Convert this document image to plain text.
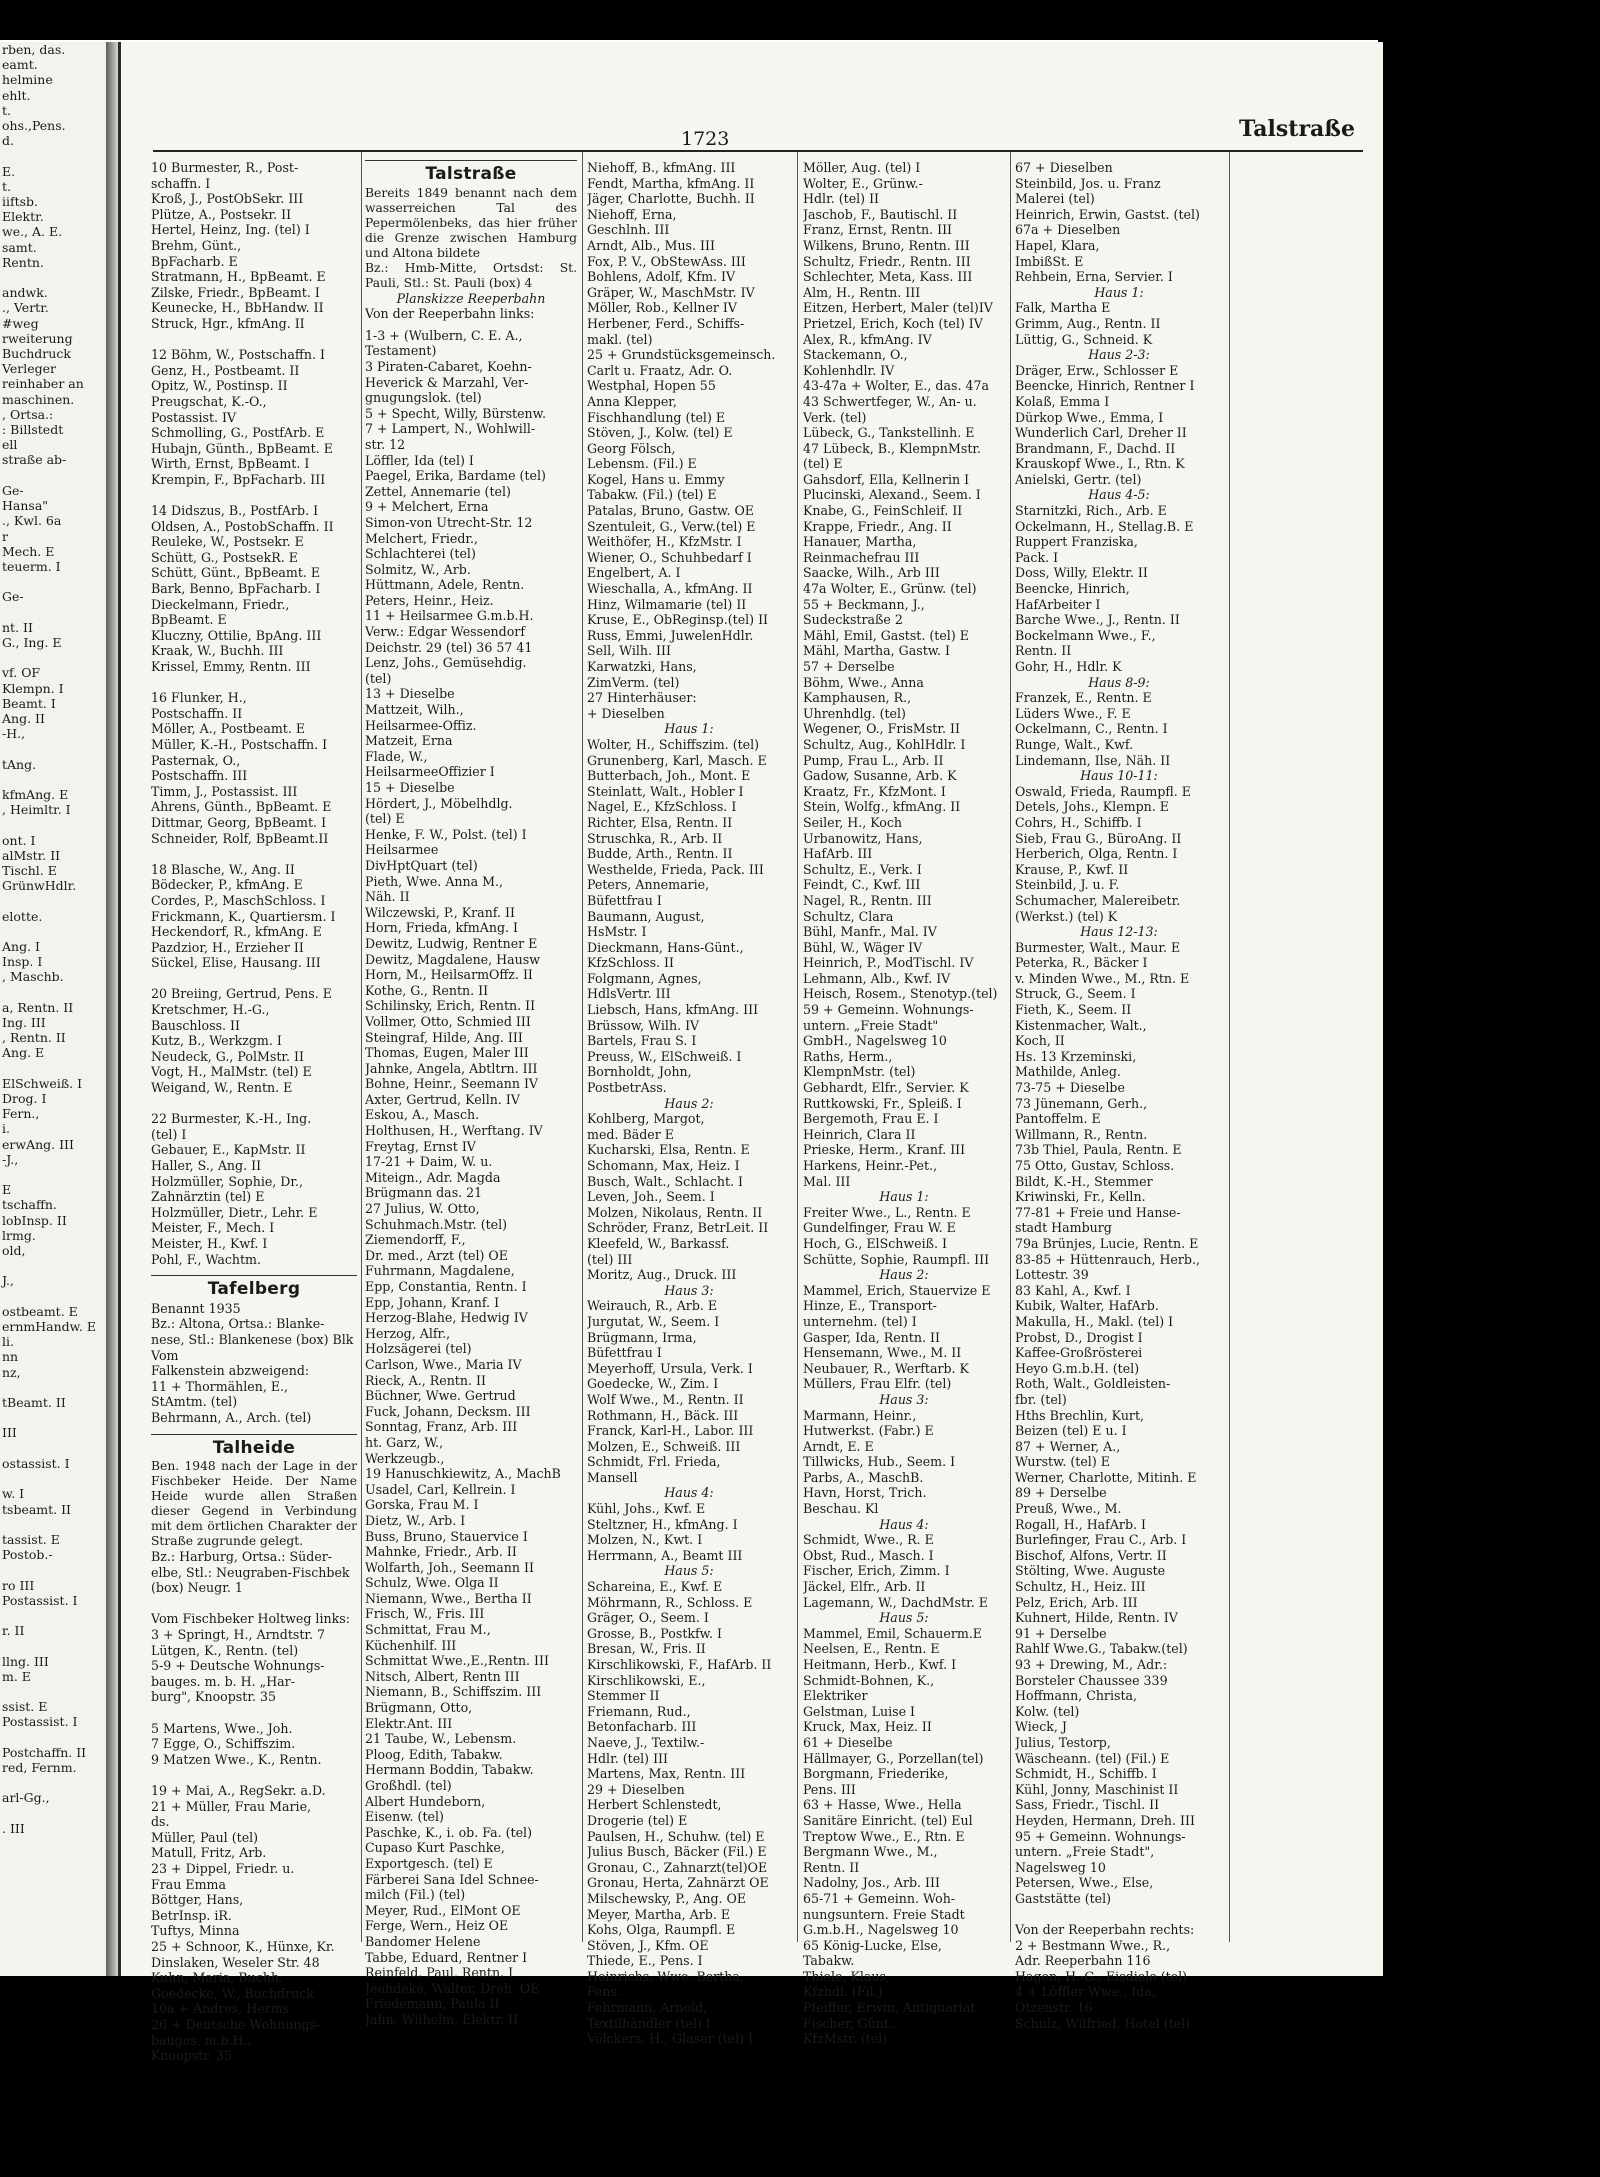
rben, das.
eamt.
helmine
ehlt.
t.
ohs.,Pens.
d.

E.
t.
iiftsb.
Elektr.
we., A. E.
samt.
Rentn.

andwk.
., Vertr.
#weg
rweiterung
Buchdruck
Verleger
reinhaber an
maschinen.
, Ortsa.:
: Billstedt
ell
straße ab-

Ge-
Hansa"
., Kwl. 6a
r
Mech. E
teuerm. I

Ge-

nt. II
G., Ing. E

vf. OF
Klempn. I
Beamt. I
Ang. II
-H.,

tAng.

kfmAng. E
, Heimltr. I

ont. I
alMstr. II
Tischl. E
GrünwHdlr.

elotte.

Ang. I
Insp. I
, Maschb.

a, Rentn. II
Ing. III
, Rentn. II
Ang. E

ElSchweiß. I
Drog. I
Fern.,
i.
erwAng. III
-J.,

E
tschaffn.
lobInsp. II
lrmg.
old,

J.,

ostbeamt. E
ernmHandw. E
li.
nn
nz,

tBeamt. II

III

ostassist. I

w. I
tsbeamt. II

tassist. E
Postob.-

ro III
Postassist. I

r. II

llng. III
m. E

ssist. E
Postassist. I

Postchaffn. II
red, Fernm.

arl-Gg.,

. III
1723	Talstraße
10 Burmester, R., Post-
schaffn. I
Kroß, J., PostObSekr. III
Plütze, A., Postsekr. II
Hertel, Heinz, Ing. (tel) I
Brehm, Günt.,
BpFacharb. E
Stratmann, H., BpBeamt. E
Zilske, Friedr., BpBeamt. I
Keunecke, H., BbHandw. II
Struck, Hgr., kfmAng. II

12 Böhm, W., Postschaffn. I
Genz, H., Postbeamt. II
Opitz, W., Postinsp. II
Preugschat, K.-O.,
Postassist. IV
Schmolling, G., PostfArb. E
Hubajn, Günth., BpBeamt. E
Wirth, Ernst, BpBeamt. I
Krempin, F., BpFacharb. III

14 Didszus, B., PostfArb. I
Oldsen, A., PostobSchaffn. II
Reuleke, W., Postsekr. E
Schütt, G., PostsekR. E
Schütt, Günt., BpBeamt. E
Bark, Benno, BpFacharb. I
Dieckelmann, Friedr.,
BpBeamt. E
Kluczny, Ottilie, BpAng. III
Kraak, W., Buchh. III
Krissel, Emmy, Rentn. III

16 Flunker, H.,
Postschaffn. II
Möller, A., Postbeamt. E
Müller, K.-H., Postschaffn. I
Pasternak, O.,
Postschaffn. III
Timm, J., Postassist. III
Ahrens, Günth., BpBeamt. E
Dittmar, Georg, BpBeamt. I
Schneider, Rolf, BpBeamt.II

18 Blasche, W., Ang. II
Bödecker, P., kfmAng. E
Cordes, P., MaschSchloss. I
Frickmann, K., Quartiersm. I
Heckendorf, R., kfmAng. E
Pazdzior, H., Erzieher II
Sückel, Elise, Hausang. III

20 Breiing, Gertrud, Pens. E
Kretschmer, H.-G.,
Bauschloss. II
Kutz, B., Werkzgm. I
Neudeck, G., PolMstr. II
Vogt, H., MalMstr. (tel) E
Weigand, W., Rentn. E

22 Burmester, K.-H., Ing.
(tel) I
Gebauer, E., KapMstr. II
Haller, S., Ang. II
Holzmüller, Sophie, Dr.,
Zahnärztin (tel) E
Holzmüller, Dietr., Lehr. E
Meister, F., Mech. I
Meister, H., Kwf. I
Pohl, F., Wachtm.
Tafelberg
Benannt 1935
Bz.: Altona, Ortsa.: Blanke-
nese, Stl.: Blankenese (box) Blk
Vom
Falkenstein abzweigend:
11 + Thormählen, E.,
StAmtm. (tel)
Behrmann, A., Arch. (tel)
Talheide
Ben. 1948 nach der Lage in der Fischbeker Heide. Der Name Heide wurde allen Straßen dieser Gegend in Verbindung mit dem örtlichen Charakter der Straße zugrunde gelegt.
Bz.: Harburg, Ortsa.: Süder-
elbe, Stl.: Neugraben-Fischbek
(box) Neugr. 1

Vom Fischbeker Holtweg links:
3 + Springt, H., Arndtstr. 7
Lütgen, K., Rentn. (tel)
5-9 + Deutsche Wohnungs-
bauges. m. b. H. „Har-
burg", Knoopstr. 35

5 Martens, Wwe., Joh.
7 Egge, O., Schiffszim.
9 Matzen Wwe., K., Rentn.

19 + Mai, A., RegSekr. a.D.
21 + Müller, Frau Marie,
ds.
Müller, Paul (tel)
Matull, Fritz, Arb.
23 + Dippel, Friedr. u.
Frau Emma
Böttger, Hans,
BetrInsp. iR.
Tuftys, Minna
25 + Schnoor, K., Hünxe, Kr.
Dinslaken, Weseler Str. 48
Kuhn, Maria, Buchh.
Goedecke, W., Buchdruck
10a + Andres, Herms
26 + Deutsche Wohnungs-
bauges. m.b.H.,
Knoopstr. 35
Talstraße
Bereits 1849 benannt nach dem wasserreichen Tal des Pepermölenbeks, das hier früher die Grenze zwischen Hamburg und Altona bildete
Bz.: Hmb-Mitte, Ortsdst: St. Pauli, Stl.: St. Pauli (box) 4
Planskizze Reeperbahn
Von der Reeperbahn links:
1-3 + (Wulbern, C. E. A.,
Testament)
3 Piraten-Cabaret, Koehn-
Heverick & Marzahl, Ver-
gnugungslok. (tel)
5 + Specht, Willy, Bürstenw.
7 + Lampert, N., Wohlwill-
str. 12
Löffler, Ida (tel) I
Paegel, Erika, Bardame (tel)
Zettel, Annemarie (tel)
9 + Melchert, Erna
Simon-von Utrecht-Str. 12
Melchert, Friedr.,
Schlachterei (tel)
Solmitz, W., Arb.
Hüttmann, Adele, Rentn.
Peters, Heinr., Heiz.
11 + Heilsarmee G.m.b.H.
Verw.: Edgar Wessendorf
Deichstr. 29 (tel) 36 57 41
Lenz, Johs., Gemüsehdig.
(tel)
13 + Dieselbe
Mattzeit, Wilh.,
Heilsarmee-Offiz.
Matzeit, Erna
Flade, W.,
HeilsarmeeOffizier I
15 + Dieselbe
Hördert, J., Möbelhdlg.
(tel) E
Henke, F. W., Polst. (tel) I
Heilsarmee
DivHptQuart (tel)
Pieth, Wwe. Anna M.,
Näh. II
Wilczewski, P., Kranf. II
Horn, Frieda, kfmAng. I
Dewitz, Ludwig, Rentner E
Dewitz, Magdalene, Hausw
Horn, M., HeilsarmOffz. II
Kothe, G., Rentn. II
Schilinsky, Erich, Rentn. II
Vollmer, Otto, Schmied III
Steingraf, Hilde, Ang. III
Thomas, Eugen, Maler III
Jahnke, Angela, Abtltrn. III
Bohne, Heinr., Seemann IV
Axter, Gertrud, Kelln. IV
Eskou, A., Masch.
Holthusen, H., Werftang. IV
Freytag, Ernst IV
17-21 + Daim, W. u.
Miteign., Adr. Magda
Brügmann das. 21
27 Julius, W. Otto,
Schuhmach.Mstr. (tel)
Ziemendorff, F.,
Dr. med., Arzt (tel) OE
Fuhrmann, Magdalene,
Epp, Constantia, Rentn. I
Epp, Johann, Kranf. I
Herzog-Blahe, Hedwig IV
Herzog, Alfr.,
Holzsägerei (tel)
Carlson, Wwe., Maria IV
Rieck, A., Rentn. II
Büchner, Wwe. Gertrud
Fuck, Johann, Decksm. III
Sonntag, Franz, Arb. III
ht. Garz, W.,
Werkzeugb.,
19 Hanuschkiewitz, A., MachB
Usadel, Carl, Kellrein. I
Gorska, Frau M. I
Dietz, W., Arb. I
Buss, Bruno, Stauervice I
Mahnke, Friedr., Arb. II
Wolfarth, Joh., Seemann II
Schulz, Wwe. Olga II
Niemann, Wwe., Bertha II
Frisch, W., Fris. III
Schmittat, Frau M.,
Küchenhilf. III
Schmittat Wwe.,E.,Rentn. III
Nitsch, Albert, Rentn III
Niemann, B., Schiffszim. III
Brügmann, Otto,
Elektr.Ant. III
21 Taube, W., Lebensm.
Ploog, Edith, Tabakw.
Hermann Boddin, Tabakw.
Großhdl. (tel)
Albert Hundeborn,
Eisenw. (tel)
Paschke, K., i. ob. Fa. (tel)
Cupaso Kurt Paschke,
Exportgesch. (tel) E
Färberei Sana Idel Schnee-
milch (Fil.) (tel)
Meyer, Rud., ElMont OE
Ferge, Wern., Heiz OE
Bandomer Helene
Tabbe, Eduard, Rentner I
Reinfeld, Paul, Rentn. I
Jeehdeke, Walter, Dreh. OE
Friedemann, Paula II
Jahn, Wilhelm, Elektr. II
Niehoff, B., kfmAng. III
Fendt, Martha, kfmAng. II
Jäger, Charlotte, Buchh. II
Niehoff, Erna,
Geschlnh. III
Arndt, Alb., Mus. III
Fox, P. V., ObStewAss. III
Bohlens, Adolf, Kfm. IV
Gräper, W., MaschMstr. IV
Möller, Rob., Kellner IV
Herbener, Ferd., Schiffs-
makl. (tel)
25 + Grundstücksgemeinsch.
Carlt u. Fraatz, Adr. O.
Westphal, Hopen 55
Anna Klepper,
Fischhandlung (tel) E
Stöven, J., Kolw. (tel) E
Georg Fölsch,
Lebensm. (Fil.) E
Kogel, Hans u. Emmy
Tabakw. (Fil.) (tel) E
Patalas, Bruno, Gastw. OE
Szentuleit, G., Verw.(tel) E
Weithöfer, H., KfzMstr. I
Wiener, O., Schuhbedarf I
Engelbert, A. I
Wieschalla, A., kfmAng. II
Hinz, Wilmamarie (tel) II
Kruse, E., ObReginsp.(tel) II
Russ, Emmi, JuwelenHdlr.
Sell, Wilh. III
Karwatzki, Hans,
ZimVerm. (tel)
27 Hinterhäuser:
+ Dieselben
Haus 1:
Wolter, H., Schiffszim. (tel)
Grunenberg, Karl, Masch. E
Butterbach, Joh., Mont. E
Steinlatt, Walt., Hobler I
Nagel, E., KfzSchloss. I
Richter, Elsa, Rentn. II
Struschka, R., Arb. II
Budde, Arth., Rentn. II
Westhelde, Frieda, Pack. III
Peters, Annemarie,
Büfettfrau I
Baumann, August,
HsMstr. I
Dieckmann, Hans-Günt.,
KfzSchloss. II
Folgmann, Agnes,
HdlsVertr. III
Liebsch, Hans, kfmAng. III
Brüssow, Wilh. IV
Bartels, Frau S. I
Preuss, W., ElSchweiß. I
Bornholdt, John,
PostbetrAss.
Haus 2:
Kohlberg, Margot,
med. Bäder E
Kucharski, Elsa, Rentn. E
Schomann, Max, Heiz. I
Busch, Walt., Schlacht. I
Leven, Joh., Seem. I
Molzen, Nikolaus, Rentn. II
Schröder, Franz, BetrLeit. II
Kleefeld, W., Barkassf.
(tel) III
Moritz, Aug., Druck. III
Haus 3:
Weirauch, R., Arb. E
Jurgutat, W., Seem. I
Brügmann, Irma,
Büfettfrau I
Meyerhoff, Ursula, Verk. I
Goedecke, W., Zim. I
Wolf Wwe., M., Rentn. II
Rothmann, H., Bäck. III
Franck, Karl-H., Labor. III
Molzen, E., Schweiß. III
Schmidt, Frl. Frieda,
Mansell
Haus 4:
Kühl, Johs., Kwf. E
Steltzner, H., kfmAng. I
Molzen, N., Kwt. I
Herrmann, A., Beamt III
Haus 5:
Schareina, E., Kwf. E
Möhrmann, R., Schloss. E
Gräger, O., Seem. I
Grosse, B., Postkfw. I
Bresan, W., Fris. II
Kirschlikowski, F., HafArb. II
Kirschlikowski, E.,
Stemmer II
Friemann, Rud.,
Betonfacharb. III
Naeve, J., Textilw.-
Hdlr. (tel) III
Martens, Max, Rentn. III
29 + Dieselben
Herbert Schlenstedt,
Drogerie (tel) E
Paulsen, H., Schuhw. (tel) E
Julius Busch, Bäcker (Fil.) E
Gronau, C., Zahnarzt(tel)OE
Gronau, Herta, Zahnärzt OE
Milschewsky, P., Ang. OE
Meyer, Martha, Arb. E
Kohs, Olga, Raumpfl. E
Stöven, J., Kfm. OE
Thiede, E., Pens. I
Heinrichs, Wwe. Bertha,
Pens.
Fehrmann, Arnold,
Textilhändler (tel) I
Völckers, H., Glaser (tel) I
Möller, Aug. (tel) I
Wolter, E., Grünw.-
Hdlr. (tel) II
Jaschob, F., Bautischl. II
Franz, Ernst, Rentn. III
Wilkens, Bruno, Rentn. III
Schultz, Friedr., Rentn. III
Schlechter, Meta, Kass. III
Alm, H., Rentn. III
Eitzen, Herbert, Maler (tel)IV
Prietzel, Erich, Koch (tel) IV
Alex, R., kfmAng. IV
Stackemann, O.,
Kohlenhdlr. IV
43-47a + Wolter, E., das. 47a
43 Schwertfeger, W., An- u.
Verk. (tel)
Lübeck, G., Tankstellinh. E
47 Lübeck, B., KlempnMstr.
(tel) E
Gahsdorf, Ella, Kellnerin I
Plucinski, Alexand., Seem. I
Knabe, G., FeinSchleif. II
Krappe, Friedr., Ang. II
Hanauer, Martha,
Reinmachefrau III
Saacke, Wilh., Arb III
47a Wolter, E., Grünw. (tel)
55 + Beckmann, J.,
Sudeckstraße 2
Mähl, Emil, Gastst. (tel) E
Mähl, Martha, Gastw. I
57 + Derselbe
Böhm, Wwe., Anna
Kamphausen, R.,
Uhrenhdlg. (tel)
Wegener, O., FrisMstr. II
Schultz, Aug., KohlHdlr. I
Pump, Frau L., Arb. II
Gadow, Susanne, Arb. K
Kraatz, Fr., KfzMont. I
Stein, Wolfg., kfmAng. II
Seiler, H., Koch
Urbanowitz, Hans,
HafArb. III
Schultz, E., Verk. I
Feindt, C., Kwf. III
Nagel, R., Rentn. III
Schultz, Clara
Bühl, Manfr., Mal. IV
Bühl, W., Wäger IV
Heinrich, P., ModTischl. IV
Lehmann, Alb., Kwf. IV
Heisch, Rosem., Stenotyp.(tel)
59 + Gemeinn. Wohnungs-
untern. „Freie Stadt"
GmbH., Nagelsweg 10
Raths, Herm.,
KlempnMstr. (tel)
Gebhardt, Elfr., Servier. K
Ruttkowski, Fr., Spleiß. I
Bergemoth, Frau E. I
Heinrich, Clara II
Prieske, Herm., Kranf. III
Harkens, Heinr.-Pet.,
Mal. III
Haus 1:
Freiter Wwe., L., Rentn. E
Gundelfinger, Frau W. E
Hoch, G., ElSchweiß. I
Schütte, Sophie, Raumpfl. III
Haus 2:
Mammel, Erich, Stauervize E
Hinze, E., Transport-
unternehm. (tel) I
Gasper, Ida, Rentn. II
Hensemann, Wwe., M. II
Neubauer, R., Werftarb. K
Müllers, Frau Elfr. (tel)
Haus 3:
Marmann, Heinr.,
Hutwerkst. (Fabr.) E
Arndt, E. E
Tillwicks, Hub., Seem. I
Parbs, A., MaschB.
Havn, Horst, Trich.
Beschau. Kl
Haus 4:
Schmidt, Wwe., R. E
Obst, Rud., Masch. I
Fischer, Erich, Zimm. I
Jäckel, Elfr., Arb. II
Lagemann, W., DachdMstr. E
Haus 5:
Mammel, Emil, Schauerm.E
Neelsen, E., Rentn. E
Heitmann, Herb., Kwf. I
Schmidt-Bohnen, K.,
Elektriker
Gelstman, Luise I
Kruck, Max, Heiz. II
61 + Dieselbe
Hällmayer, G., Porzellan(tel)
Borgmann, Friederike,
Pens. III
63 + Hasse, Wwe., Hella
Sanitäre Einricht. (tel) Eul
Treptow Wwe., E., Rtn. E
Bergmann Wwe., M.,
Rentn. II
Nadolny, Jos., Arb. III
65-71 + Gemeinn. Woh-
nungsuntern. Freie Stadt
G.m.b.H., Nagelsweg 10
65 König-Lucke, Else,
Tabakw.
Thiele, Klaus,
Kfzhdl. (Fil.)
Pfeiffer, Erwin, Antiquariat
Fischer, Günt.,
KfzMstr. (tel)
67 + Dieselben
Steinbild, Jos. u. Franz
Malerei (tel)
Heinrich, Erwin, Gastst. (tel)
67a + Dieselben
Hapel, Klara,
ImbißSt. E
Rehbein, Erna, Servier. I
Haus 1:
Falk, Martha E
Grimm, Aug., Rentn. II
Lüttig, G., Schneid. K
Haus 2-3:
Dräger, Erw., Schlosser E
Beencke, Hinrich, Rentner I
Kolaß, Emma I
Dürkop Wwe., Emma, I
Wunderlich Carl, Dreher II
Brandmann, F., Dachd. II
Krauskopf Wwe., I., Rtn. K
Anielski, Gertr. (tel)
Haus 4-5:
Starnitzki, Rich., Arb. E
Ockelmann, H., Stellag.B. E
Ruppert Franziska,
Pack. I
Doss, Willy, Elektr. II
Beencke, Hinrich,
HafArbeiter I
Barche Wwe., J., Rentn. II
Bockelmann Wwe., F.,
Rentn. II
Gohr, H., Hdlr. K
Haus 8-9:
Franzek, E., Rentn. E
Lüders Wwe., F. E
Ockelmann, C., Rentn. I
Runge, Walt., Kwf.
Lindemann, Ilse, Näh. II
Haus 10-11:
Oswald, Frieda, Raumpfl. E
Detels, Johs., Klempn. E
Cohrs, H., Schiffb. I
Sieb, Frau G., BüroAng. II
Herberich, Olga, Rentn. I
Krause, P., Kwf. II
Steinbild, J. u. F.
Schumacher, Malereibetr.
(Werkst.) (tel) K
Haus 12-13:
Burmester, Walt., Maur. E
Peterka, R., Bäcker I
v. Minden Wwe., M., Rtn. E
Struck, G., Seem. I
Fieth, K., Seem. II
Kistenmacher, Walt.,
Koch, II
Hs. 13 Krzeminski,
Mathilde, Anleg.
73-75 + Dieselbe
73 Jünemann, Gerh.,
Pantoffelm. E
Willmann, R., Rentn.
73b Thiel, Paula, Rentn. E
75 Otto, Gustav, Schloss.
Bildt, K.-H., Stemmer
Kriwinski, Fr., Kelln.
77-81 + Freie und Hanse-
stadt Hamburg
79a Brünjes, Lucie, Rentn. E
83-85 + Hüttenrauch, Herb.,
Lottestr. 39
83 Kahl, A., Kwf. I
Kubik, Walter, HafArb.
Makulla, H., Makl. (tel) I
Probst, D., Drogist I
Kaffee-Großrösterei
Heyo G.m.b.H. (tel)
Roth, Walt., Goldleisten-
fbr. (tel)
Hths Brechlin, Kurt,
Beizen (tel) E u. I
87 + Werner, A.,
Wurstw. (tel) E
Werner, Charlotte, Mitinh. E
89 + Derselbe
Preuß, Wwe., M.
Rogall, H., HafArb. I
Burlefinger, Frau C., Arb. I
Bischof, Alfons, Vertr. II
Stölting, Wwe. Auguste
Schultz, H., Heiz. III
Pelz, Erich, Arb. III
Kuhnert, Hilde, Rentn. IV
91 + Derselbe
Rahlf Wwe.G., Tabakw.(tel)
93 + Drewing, M., Adr.:
Borsteler Chaussee 339
Hoffmann, Christa,
Kolw. (tel)
Wieck, J
Julius, Testorp,
Wäscheann. (tel) (Fil.) E
Schmidt, H., Schiffb. I
Kühl, Jonny, Maschinist II
Sass, Friedr., Tischl. II
Heyden, Hermann, Dreh. III
95 + Gemeinn. Wohnungs-
untern. „Freie Stadt",
Nagelsweg 10
Petersen, Wwe., Else,
Gaststätte (tel)

Von der Reeperbahn rechts:
2 + Bestmann Wwe., R.,
Adr. Reeperbahn 116
Hagen, H.-G., Eisdiele (tel)
4 + Löffler Wwe., Ida,
Otzenstr. 16
Schulz, Wilfried, Hotel (tel)
